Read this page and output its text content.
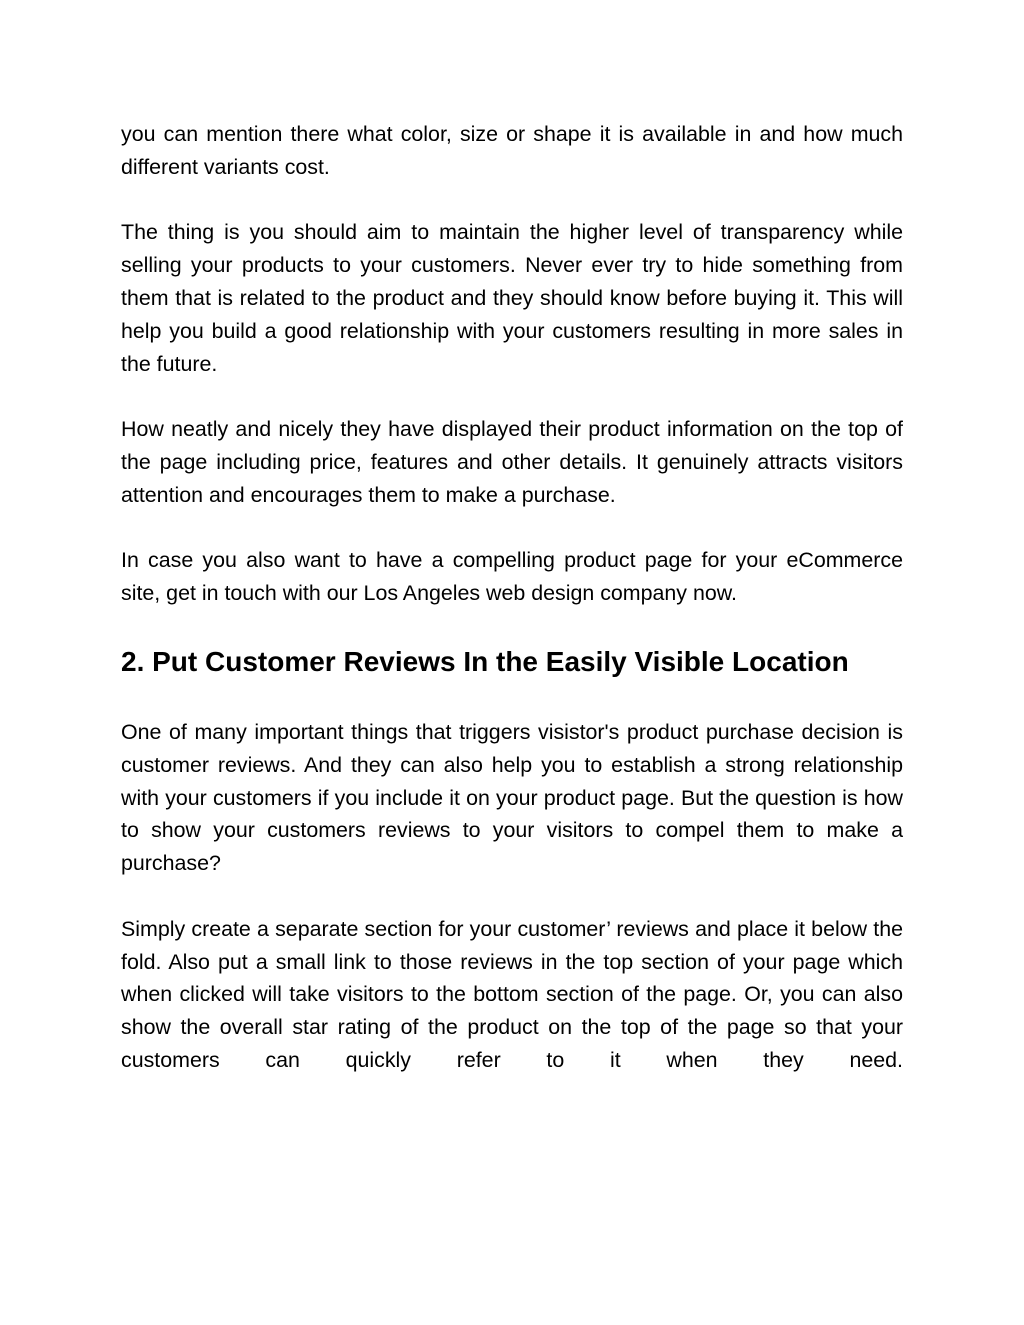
you can mention there what color, size or shape it is available in and how much different variants cost.

The thing is you should aim to maintain the higher level of transparency while selling your products to your customers. Never ever try to hide something from them that is related to the product and they should know before buying it. This will help you build a good relationship with your customers resulting in more sales in the future.

How neatly and nicely they have displayed their product information on the top of the page including price, features and other details. It genuinely attracts visitors attention and encourages them to make a purchase.

In case you also want to have a compelling product page for your eCommerce site, get in touch with our Los Angeles web design company now.

2. Put Customer Reviews In the Easily Visible Location

One of many important things that triggers visistor's product purchase decision is customer reviews. And they can also help you to establish a strong relationship with your customers if you include it on your product page. But the question is how to show your customers reviews to your visitors to compel them to make a purchase?

Simply create a separate section for your customer’ reviews and place it below the fold. Also put a small link to those reviews in the top section of your page which when clicked will take visitors to the bottom section of the page. Or, you can also show the overall star rating of the product on the top of the page so that your customers can quickly refer to it when they need.
